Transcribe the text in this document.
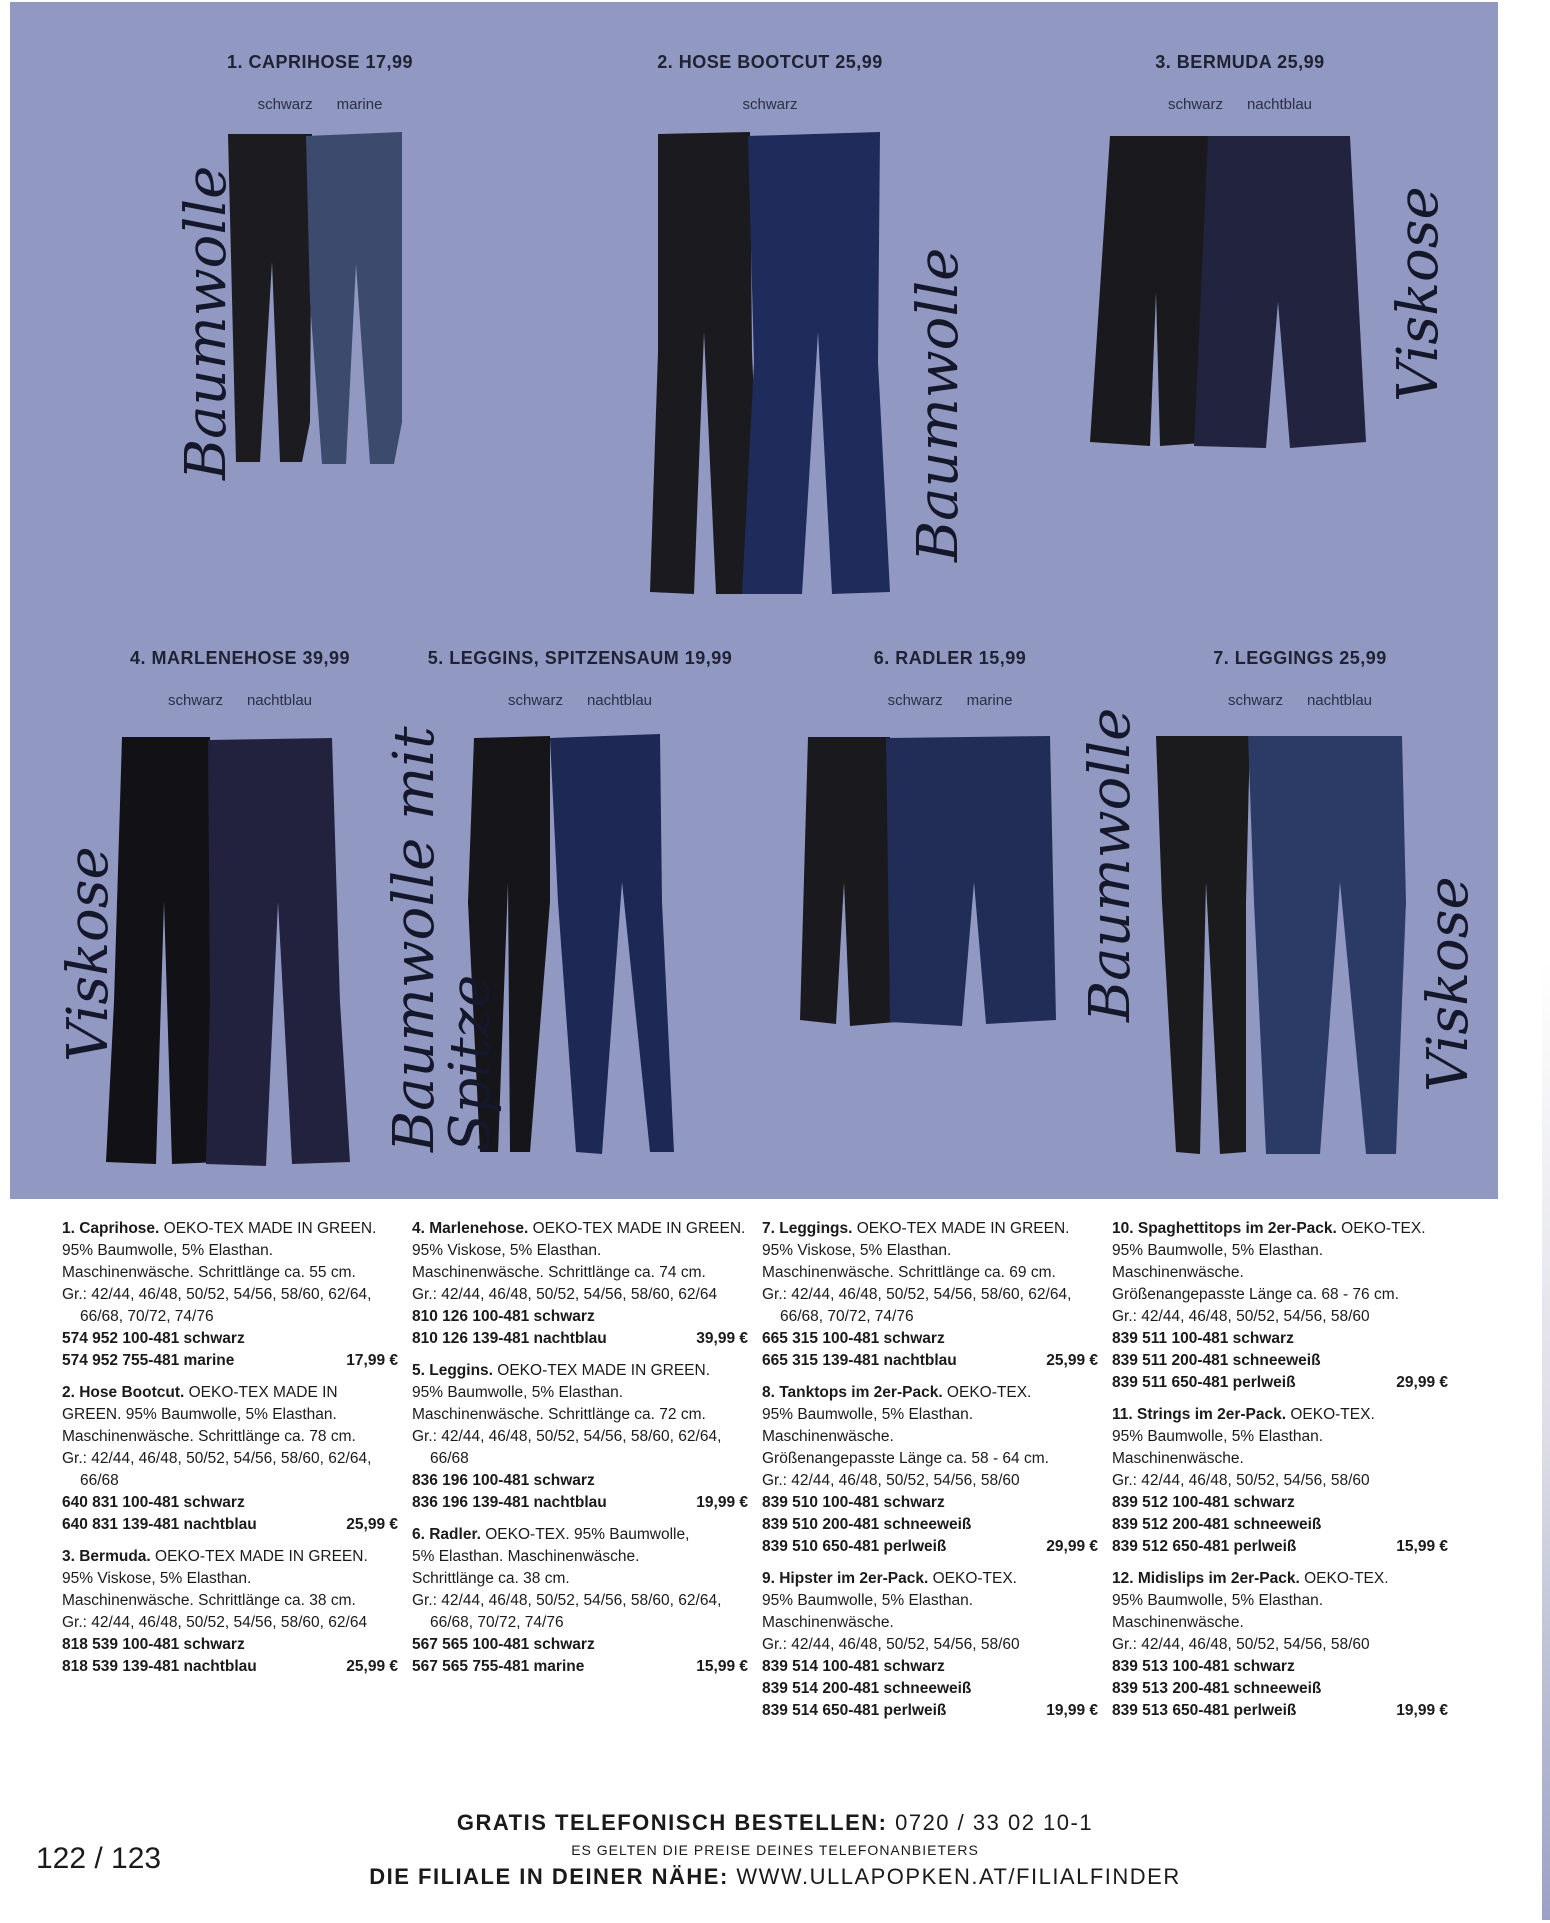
1. CAPRIHOSE 17,99
schwarz marine
Baumwolle
2. HOSE BOOTCUT 25,99
schwarz
Baumwolle
3. BERMUDA 25,99
schwarz nachtblau
Viskose
4. MARLENEHOSE 39,99
schwarz nachtblau
Viskose
5. LEGGINS, SPITZENSAUM 19,99
schwarz nachtblau
Baumwolle mit
Spitze
6. RADLER 15,99
schwarz marine
Baumwolle
7. LEGGINGS 25,99
schwarz nachtblau
Viskose
1. Caprihose. OEKO-TEX MADE IN GREEN.
95% Baumwolle, 5% Elasthan.
Maschinenwäsche. Schrittlänge ca. 55 cm.
Gr.: 42/44, 46/48, 50/52, 54/56, 58/60, 62/64, 66/68, 70/72, 74/76
574 952 100-481 schwarz
574 952 755-481 marine	17,99 €
2. Hose Bootcut. OEKO-TEX MADE IN
GREEN. 95% Baumwolle, 5% Elasthan.
Maschinenwäsche. Schrittlänge ca. 78 cm.
Gr.: 42/44, 46/48, 50/52, 54/56, 58/60, 62/64, 66/68
640 831 100-481 schwarz
640 831 139-481 nachtblau	25,99 €
3. Bermuda. OEKO-TEX MADE IN GREEN.
95% Viskose, 5% Elasthan.
Maschinenwäsche. Schrittlänge ca. 38 cm.
Gr.: 42/44, 46/48, 50/52, 54/56, 58/60, 62/64
818 539 100-481 schwarz
818 539 139-481 nachtblau	25,99 €
4. Marlenehose. OEKO-TEX MADE IN GREEN.
95% Viskose, 5% Elasthan.
Maschinenwäsche. Schrittlänge ca. 74 cm.
Gr.: 42/44, 46/48, 50/52, 54/56, 58/60, 62/64
810 126 100-481 schwarz
810 126 139-481 nachtblau	39,99 €
5. Leggins. OEKO-TEX MADE IN GREEN.
95% Baumwolle, 5% Elasthan.
Maschinenwäsche. Schrittlänge ca. 72 cm.
Gr.: 42/44, 46/48, 50/52, 54/56, 58/60, 62/64, 66/68
836 196 100-481 schwarz
836 196 139-481 nachtblau	19,99 €
6. Radler. OEKO-TEX. 95% Baumwolle,
5% Elasthan. Maschinenwäsche.
Schrittlänge ca. 38 cm.
Gr.: 42/44, 46/48, 50/52, 54/56, 58/60, 62/64, 66/68, 70/72, 74/76
567 565 100-481 schwarz
567 565 755-481 marine	15,99 €
7. Leggings. OEKO-TEX MADE IN GREEN.
95% Viskose, 5% Elasthan.
Maschinenwäsche. Schrittlänge ca. 69 cm.
Gr.: 42/44, 46/48, 50/52, 54/56, 58/60, 62/64, 66/68, 70/72, 74/76
665 315 100-481 schwarz
665 315 139-481 nachtblau	25,99 €
8. Tanktops im 2er-Pack. OEKO-TEX.
95% Baumwolle, 5% Elasthan.
Maschinenwäsche.
Größenangepasste Länge ca. 58 - 64 cm.
Gr.: 42/44, 46/48, 50/52, 54/56, 58/60
839 510 100-481 schwarz
839 510 200-481 schneeweiß
839 510 650-481 perlweiß	29,99 €
9. Hipster im 2er-Pack. OEKO-TEX.
95% Baumwolle, 5% Elasthan.
Maschinenwäsche.
Gr.: 42/44, 46/48, 50/52, 54/56, 58/60
839 514 100-481 schwarz
839 514 200-481 schneeweiß
839 514 650-481 perlweiß	19,99 €
10. Spaghettitops im 2er-Pack. OEKO-TEX.
95% Baumwolle, 5% Elasthan.
Maschinenwäsche.
Größenangepasste Länge ca. 68 - 76 cm.
Gr.: 42/44, 46/48, 50/52, 54/56, 58/60
839 511 100-481 schwarz
839 511 200-481 schneeweiß
839 511 650-481 perlweiß	29,99 €
11. Strings im 2er-Pack. OEKO-TEX.
95% Baumwolle, 5% Elasthan.
Maschinenwäsche.
Gr.: 42/44, 46/48, 50/52, 54/56, 58/60
839 512 100-481 schwarz
839 512 200-481 schneeweiß
839 512 650-481 perlweiß	15,99 €
12. Midislips im 2er-Pack. OEKO-TEX.
95% Baumwolle, 5% Elasthan.
Maschinenwäsche.
Gr.: 42/44, 46/48, 50/52, 54/56, 58/60
839 513 100-481 schwarz
839 513 200-481 schneeweiß
839 513 650-481 perlweiß	19,99 €
GRATIS TELEFONISCH BESTELLEN: 0720 / 33 02 10-1
ES GELTEN DIE PREISE DEINES TELEFONANBIETERS
DIE FILIALE IN DEINER NÄHE: WWW.ULLAPOPKEN.AT/FILIALFINDER
122 / 123
